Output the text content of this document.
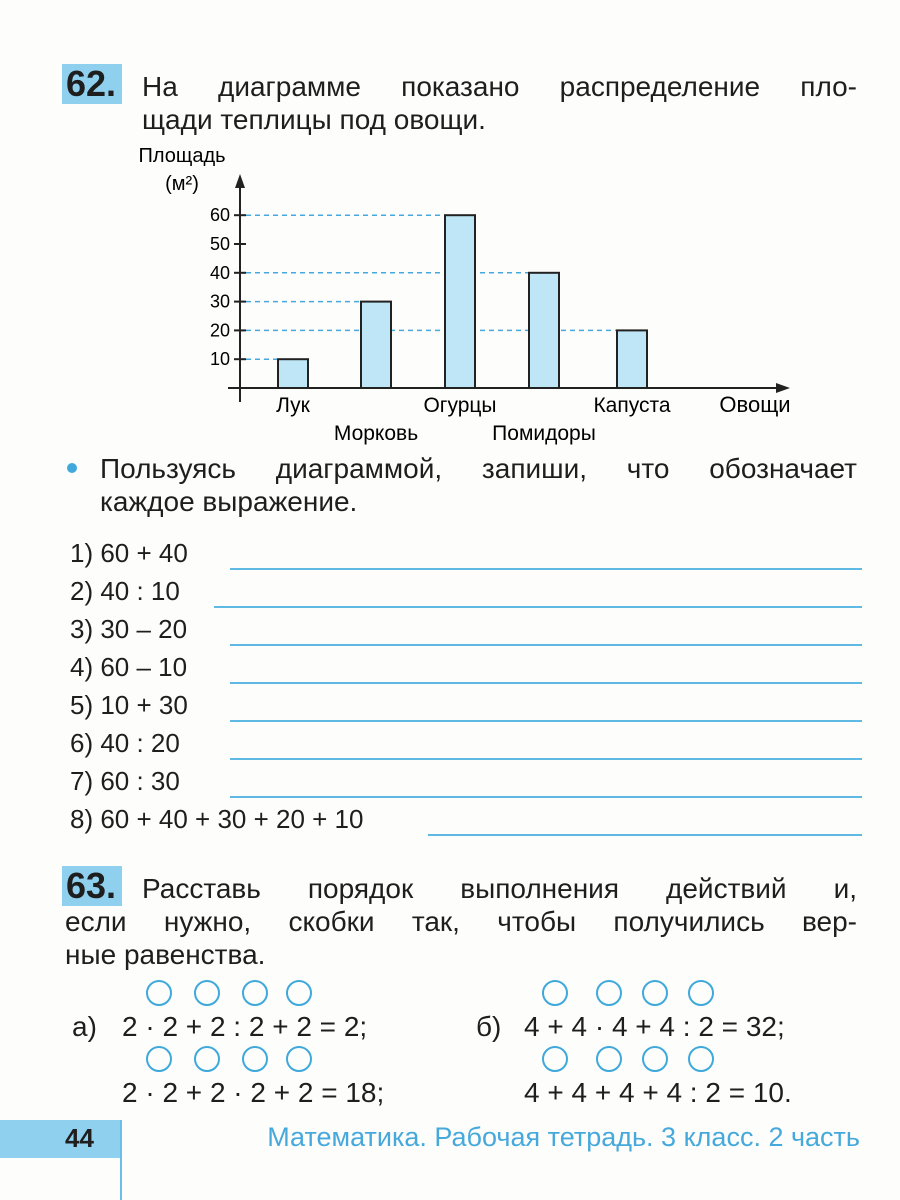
62. На диаграмме показано распределение пло-
щади теплицы под овощи.
Площадь
(м²)
Овощи
10
20
30
40
50
60
Лук
Морковь
Огурцы
Помидоры
Капуста
Пользуясь диаграммой, запиши, что обозначает
каждое выражение.
1) 60 + 40
2) 40 : 10
3) 30 – 20
4) 60 – 10
5) 10 + 30
6) 40 : 20
7) 60 : 30
8) 60 + 40 + 30 + 20 + 10
63. Расставь порядок выполнения действий и,
если нужно, скобки так, чтобы получились вер-
ные равенства.
а) 2 · 2 + 2 : 2 + 2 = 2;	б) 4 + 4 · 4 + 4 : 2 = 32;
2 · 2 + 2 · 2 + 2 = 18;	4 + 4 + 4 + 4 : 2 = 10.
44	Математика. Рабочая тетрадь. 3 класс. 2 часть
